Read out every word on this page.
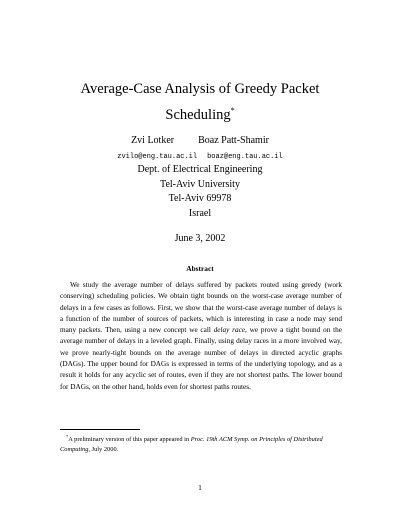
Average-Case Analysis of Greedy Packet
Scheduling*
Zvi Lotker Boaz Patt-Shamir
zvilo@eng.tau.ac.il boaz@eng.tau.ac.il
Dept. of Electrical Engineering
Tel-Aviv University
Tel-Aviv 69978
Israel
June 3, 2002
Abstract
We study the average number of delays suffered by packets routed using greedy (work conserving) scheduling policies. We obtain tight bounds on the worst-case average number of delays in a few cases as follows. First, we show that the worst-case average number of delays is a function of the number of sources of packets, which is interesting in case a node may send many packets. Then, using a new concept we call delay race, we prove a tight bound on the average number of delays in a leveled graph. Finally, using delay races in a more involved way, we prove nearly-tight bounds on the average number of delays in directed acyclic graphs (DAGs). The upper bound for DAGs is expressed in terms of the underlying topology, and as a result it holds for any acyclic set of routes, even if they are not shortest paths. The lower bound for DAGs, on the other hand, holds even for shortest paths routes.
*A preliminary version of this paper appeared in Proc. 19th ACM Symp. on Principles of Distributed Computing, July 2000.
1
